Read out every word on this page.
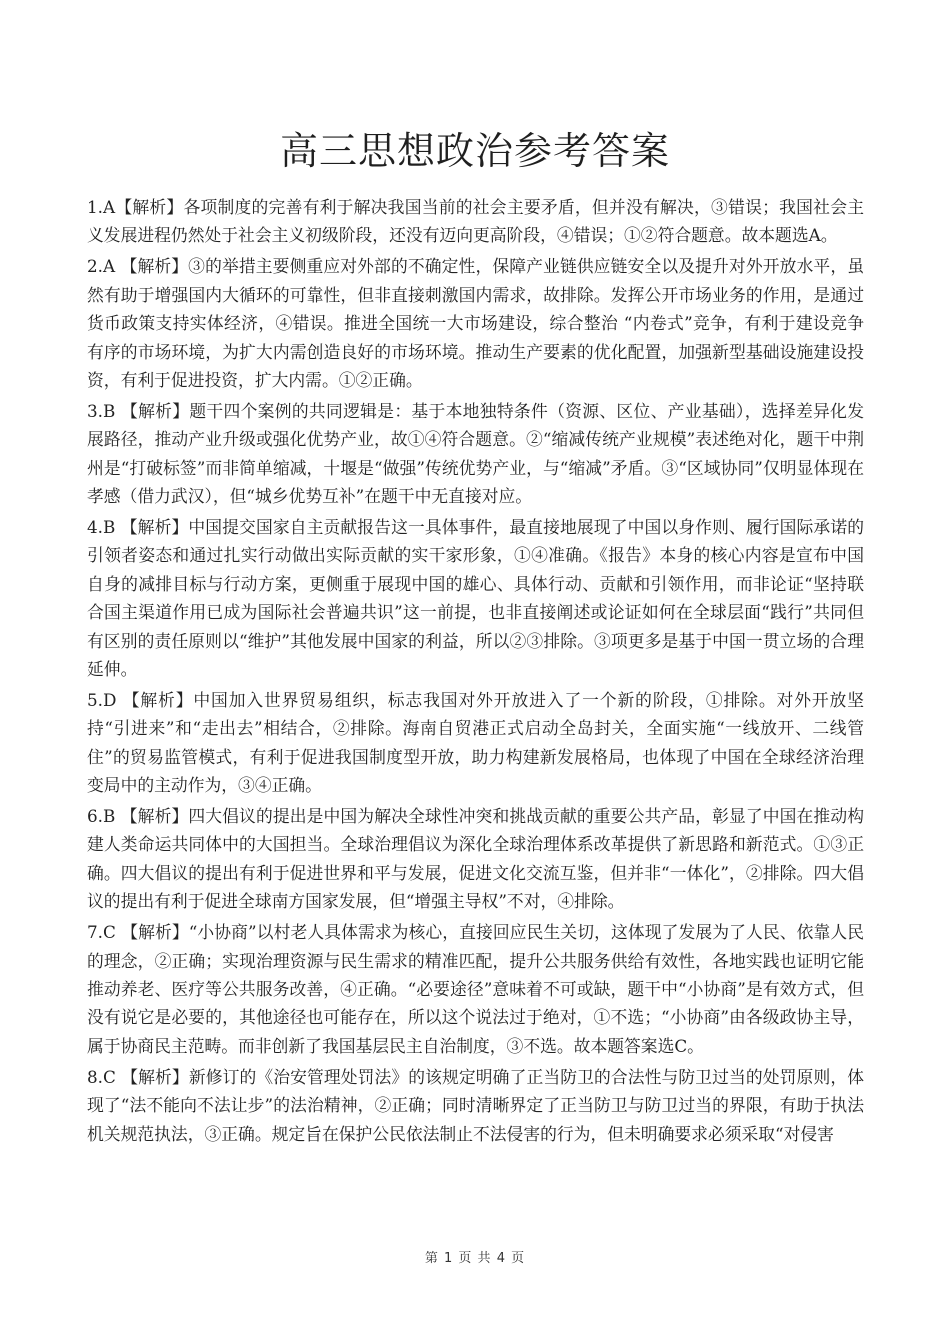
高三思想政治参考答案

1.A【解析】各项制度的完善有利于解决我国当前的社会主要矛盾，但并没有解决，③错误；我国社会主义发展进程仍然处于社会主义初级阶段，还没有迈向更高阶段，④错误；①②符合题意。故本题选A。

2.A 【解析】③的举措主要侧重应对外部的不确定性，保障产业链供应链安全以及提升对外开放水平，虽然有助于增强国内大循环的可靠性，但非直接刺激国内需求，故排除。发挥公开市场业务的作用，是通过货币政策支持实体经济，④错误。推进全国统一大市场建设，综合整治 “内卷式”竞争，有利于建设竞争有序的市场环境，为扩大内需创造良好的市场环境。推动生产要素的优化配置，加强新型基础设施建设投资，有利于促进投资，扩大内需。①②正确。

3.B 【解析】题干四个案例的共同逻辑是：基于本地独特条件（资源、区位、产业基础），选择差异化发展路径，推动产业升级或强化优势产业，故①④符合题意。②“缩减传统产业规模”表述绝对化，题干中荆州是“打破标签”而非简单缩减，十堰是“做强”传统优势产业，与“缩减”矛盾。③“区域协同”仅明显体现在孝感（借力武汉），但“城乡优势互补”在题干中无直接对应。

4.B 【解析】中国提交国家自主贡献报告这一具体事件，最直接地展现了中国以身作则、履行国际承诺的引领者姿态和通过扎实行动做出实际贡献的实干家形象，①④准确。《报告》本身的核心内容是宣布中国自身的减排目标与行动方案，更侧重于展现中国的雄心、具体行动、贡献和引领作用，而非论证“坚持联合国主渠道作用已成为国际社会普遍共识”这一前提，也非直接阐述或论证如何在全球层面“践行”共同但有区别的责任原则以“维护”其他发展中国家的利益，所以②③排除。③项更多是基于中国一贯立场的合理延伸。

5.D 【解析】中国加入世界贸易组织，标志我国对外开放进入了一个新的阶段，①排除。对外开放坚持“引进来”和“走出去”相结合，②排除。海南自贸港正式启动全岛封关，全面实施“一线放开、二线管住”的贸易监管模式，有利于促进我国制度型开放，助力构建新发展格局，也体现了中国在全球经济治理变局中的主动作为，③④正确。

6.B 【解析】四大倡议的提出是中国为解决全球性冲突和挑战贡献的重要公共产品，彰显了中国在推动构建人类命运共同体中的大国担当。全球治理倡议为深化全球治理体系改革提供了新思路和新范式。①③正确。四大倡议的提出有利于促进世界和平与发展，促进文化交流互鉴，但并非“一体化”，②排除。四大倡议的提出有利于促进全球南方国家发展，但“增强主导权”不对，④排除。

7.C 【解析】“小协商”以村老人具体需求为核心，直接回应民生关切，这体现了发展为了人民、依靠人民的理念，②正确；实现治理资源与民生需求的精准匹配，提升公共服务供给有效性，各地实践也证明它能推动养老、医疗等公共服务改善，④正确。“必要途径”意味着不可或缺，题干中“小协商”是有效方式，但没有说它是必要的，其他途径也可能存在，所以这个说法过于绝对，①不选；“小协商”由各级政协主导，属于协商民主范畴。而非创新了我国基层民主自治制度，③不选。故本题答案选C。

8.C 【解析】新修订的《治安管理处罚法》的该规定明确了正当防卫的合法性与防卫过当的处罚原则，体现了“法不能向不法让步”的法治精神，②正确；同时清晰界定了正当防卫与防卫过当的界限，有助于执法机关规范执法，③正确。规定旨在保护公民依法制止不法侵害的行为，但未明确要求必须采取“对侵害

第 1 页 共 4 页
